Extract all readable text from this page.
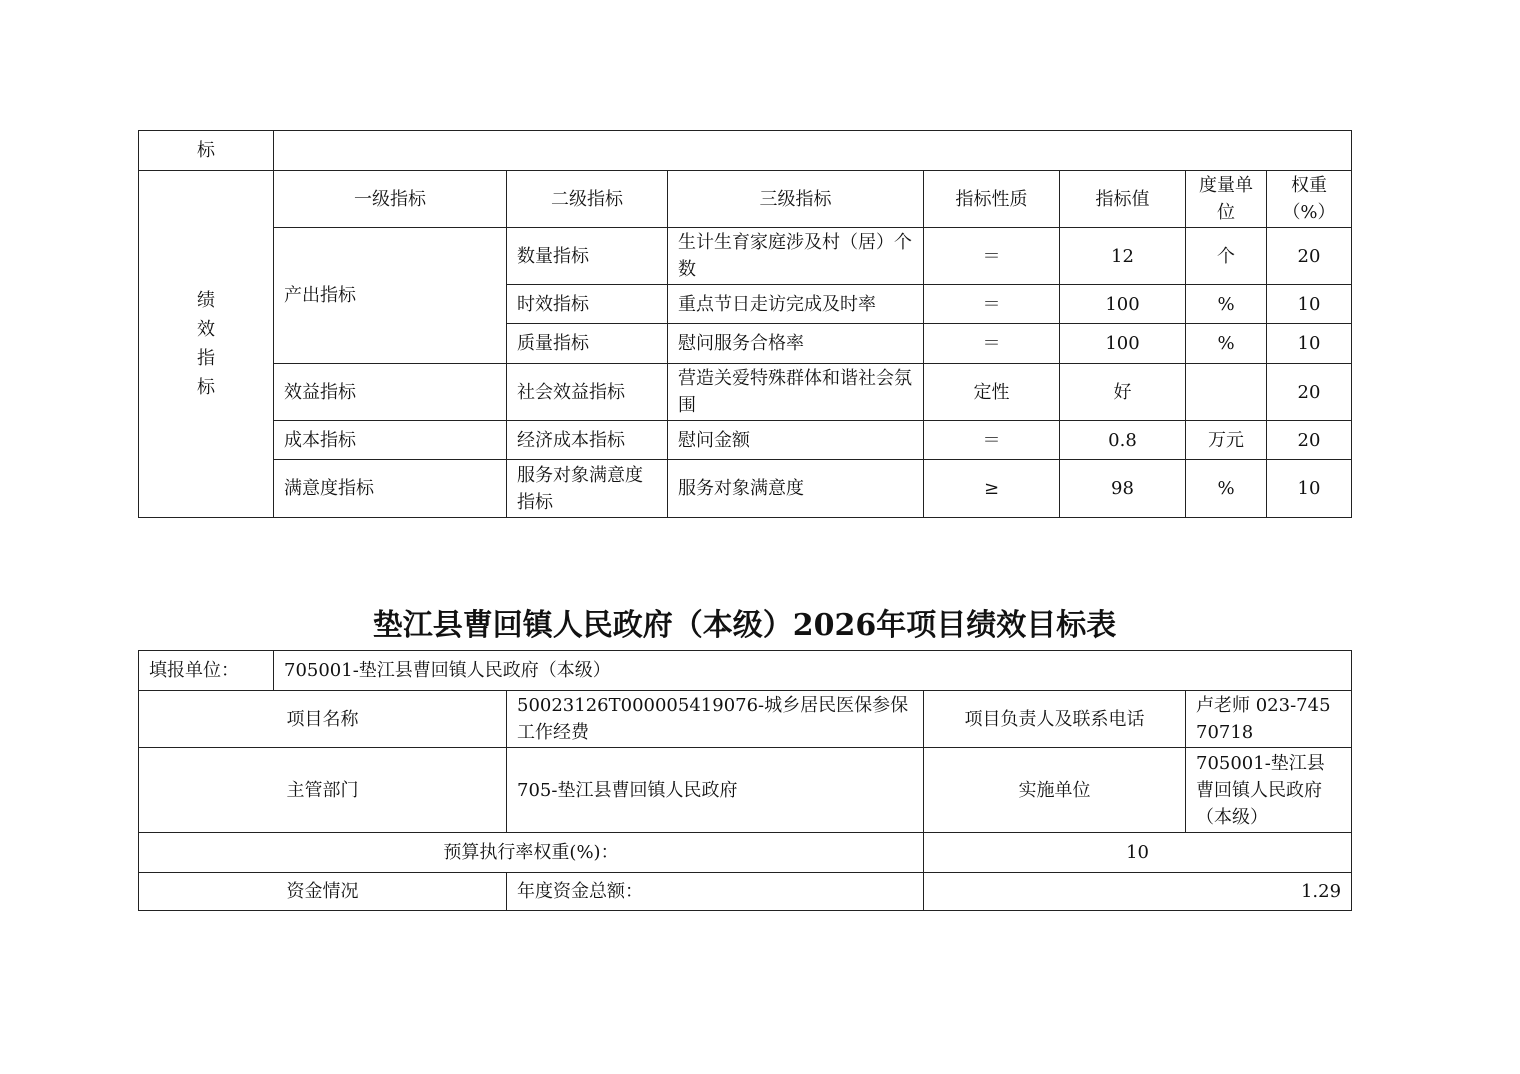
标							

绩效指标	一级指标	二级指标	三级指标	指标性质	指标值	度量单位	权重（%）
	产出指标	数量指标	生计生育家庭涉及村（居）个数	＝	12	个	20
		时效指标	重点节日走访完成及时率	＝	100	%	10
		质量指标	慰问服务合格率	＝	100	%	10
	效益指标	社会效益指标	营造关爱特殊群体和谐社会氛围	定性	好		20
	成本指标	经济成本指标	慰问金额	＝	0.8	万元	20
	满意度指标	服务对象满意度指标	服务对象满意度	≥	98	%	10
垫江县曹回镇人民政府（本级）2026年项目绩效目标表
填报单位：	705001-垫江县曹回镇人民政府（本级）			
项目名称		50023126T000005419076-城乡居民医保参保工作经费	项目负责人及联系电话	卢老师 023-74570718
主管部门		705-垫江县曹回镇人民政府	实施单位	705001-垫江县曹回镇人民政府（本级）
预算执行率权重(%)：			10	
资金情况		年度资金总额：	1.29	
